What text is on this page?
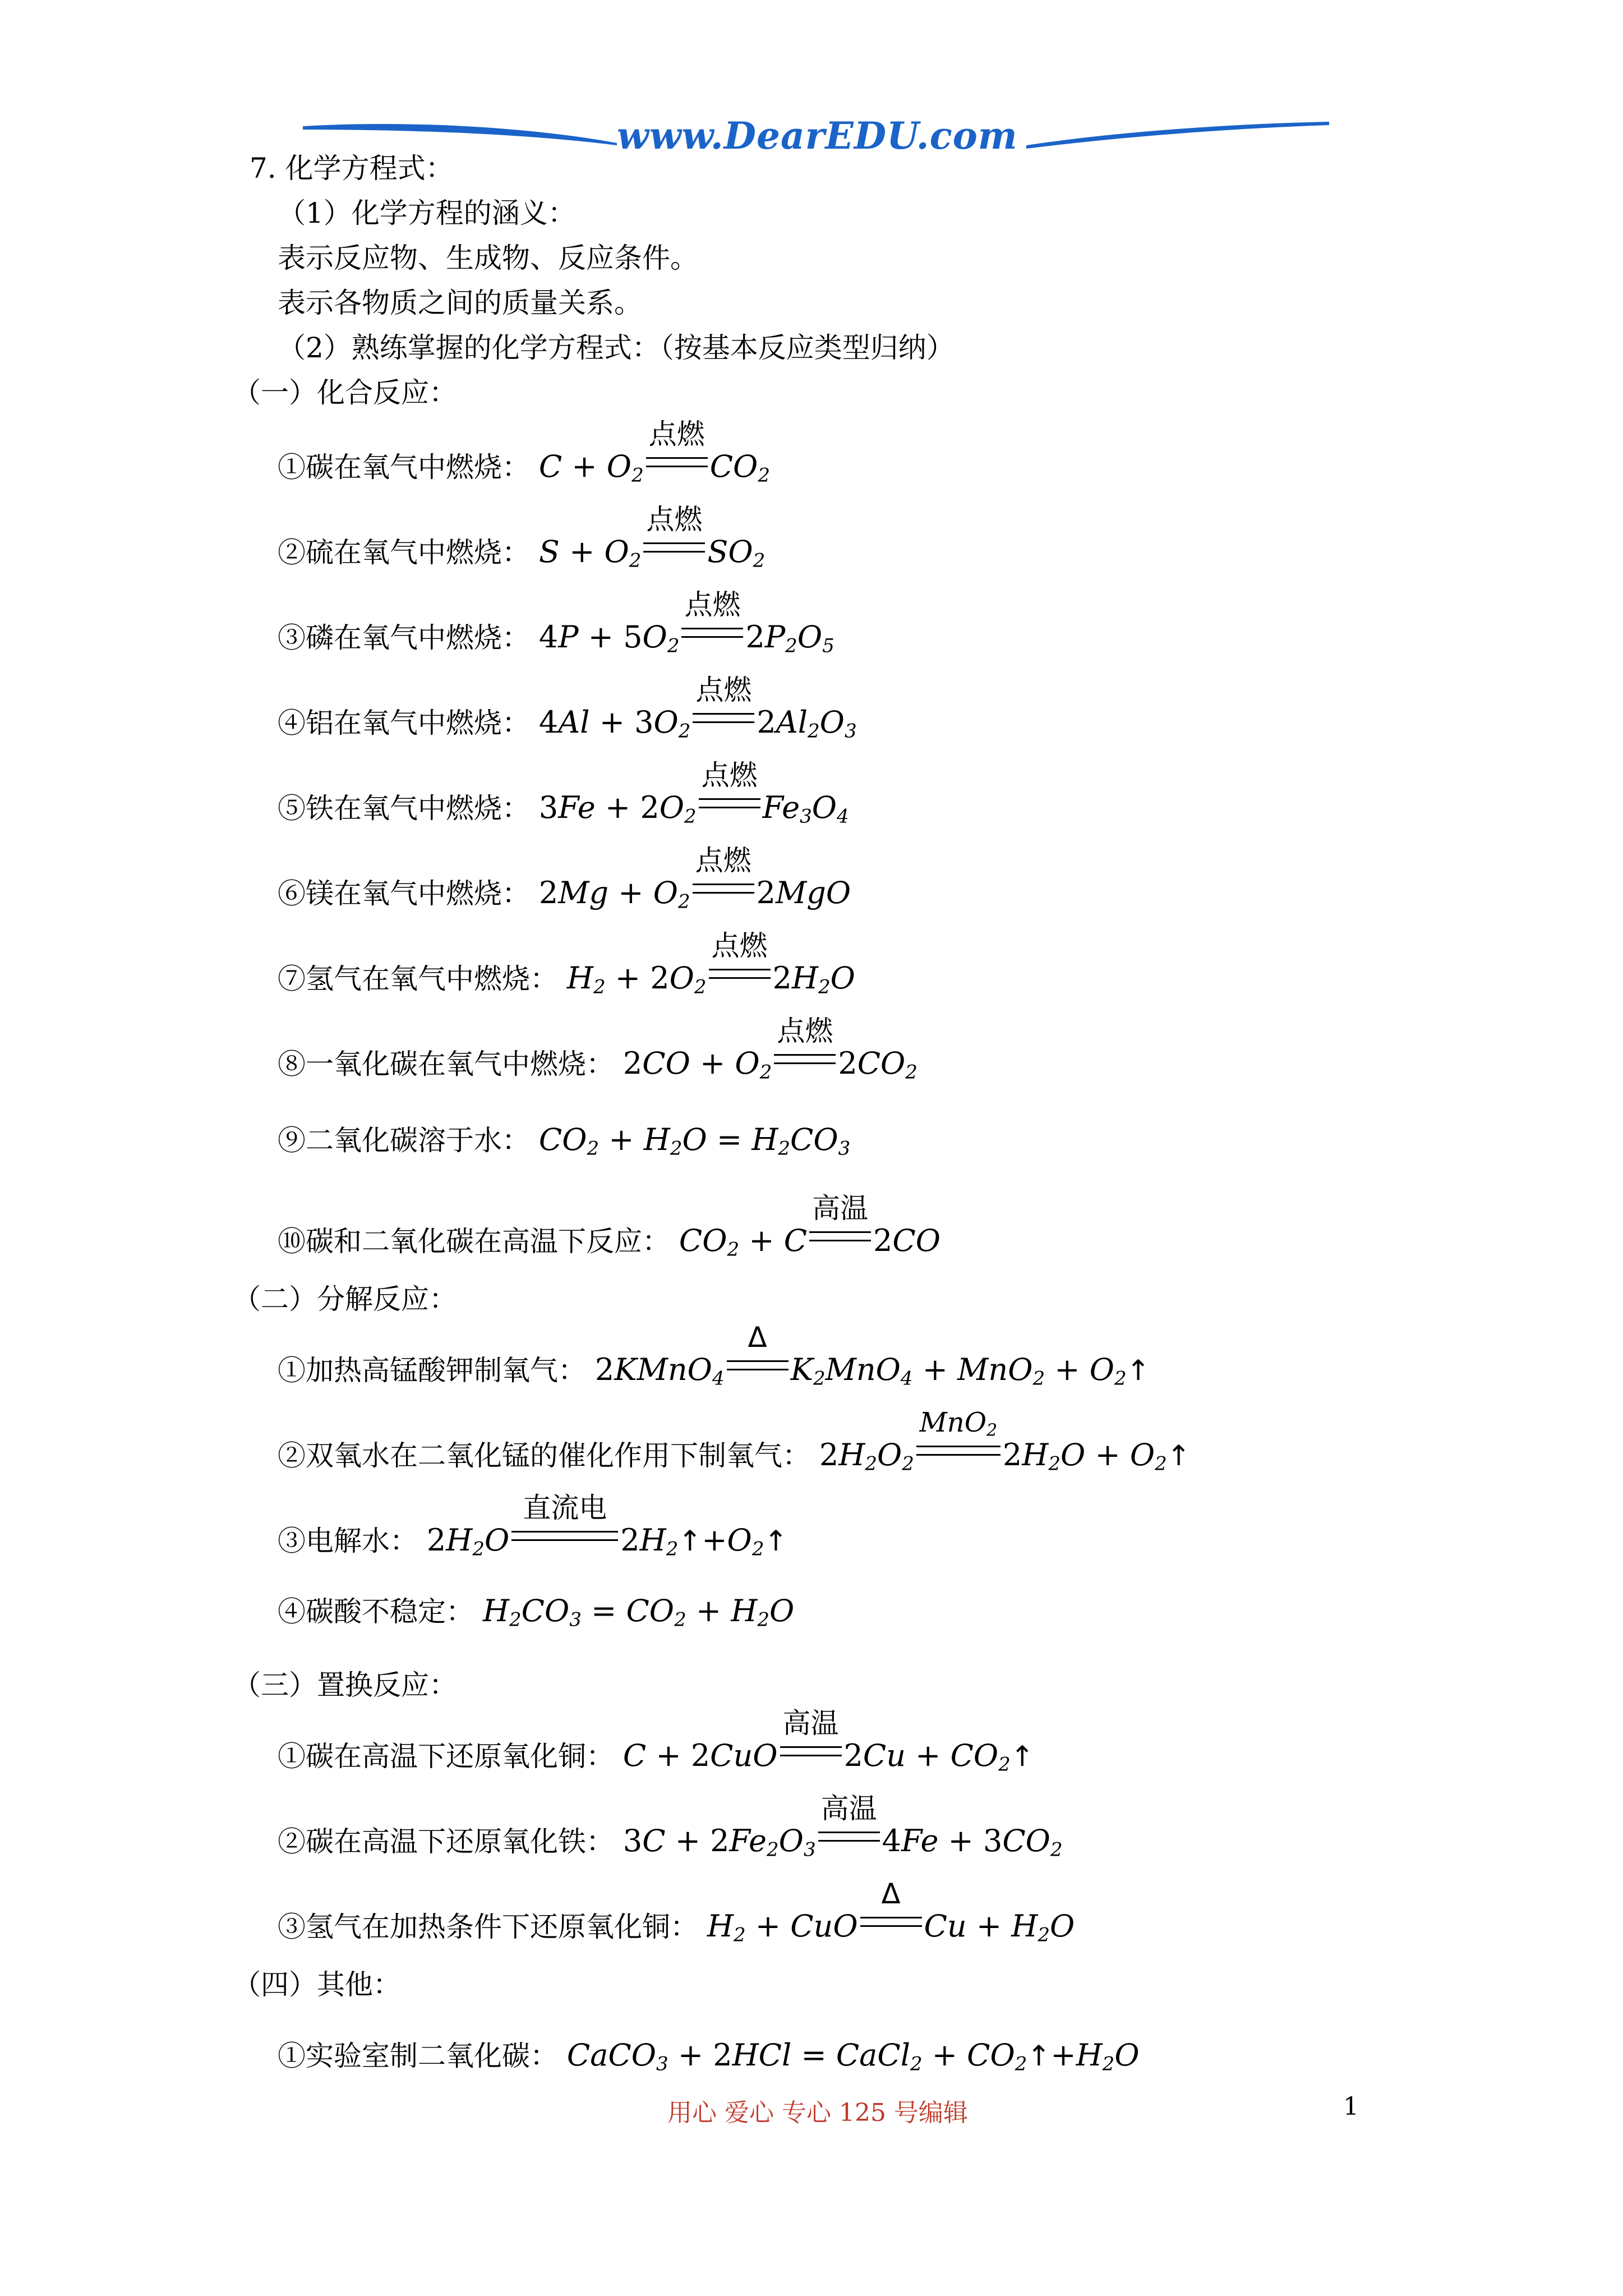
www.DearEDU.com
7. 化学方程式：
（1）化学方程的涵义：
表示反应物、生成物、反应条件。
表示各物质之间的质量关系。
（2）熟练掌握的化学方程式：（按基本反应类型归纳）
（一）化合反应：
①碳在氧气中燃烧： $C + O_2$
点燃
$CO_2$
②硫在氧气中燃烧： $S + O_2$
点燃
$SO_2$
③磷在氧气中燃烧： $4P + 5O_2$
点燃
$2P_2O_5$
④铝在氧气中燃烧： $4Al + 3O_2$
点燃
$2Al_2O_3$
⑤铁在氧气中燃烧： $3Fe + 2O_2$
点燃
$Fe_3O_4$
⑥镁在氧气中燃烧： $2Mg + O_2$
点燃
2MgO
⑦氢气在氧气中燃烧： $H_2 + 2O_2$
点燃
$2H_2O$
⑧一氧化碳在氧气中燃烧： $2CO + O_2$
点燃
$2CO_2$
⑨二氧化碳溶于水： $CO_2 + H_2O = H_2CO_3$
⑩碳和二氧化碳在高温下反应： $CO_2 + C$
高温
2CO
（二）分解反应：
①加热高锰酸钾制氧气： 2KMnO$_4$
Δ
$K_2MnO_4 + MnO_2$ + $O_2↑$
②双氧水在二氧化锰的催化作用下制氧气： $2H_2O_2$
MnO$_2$
$2H_2O$ + $O_2↑$
③电解水： $2H_2O$
直流电
$2H_2↑+O_2↑$
④碳酸不稳定： $H_2CO_3 = CO_2 + H_2O$
（三）置换反应：
①碳在高温下还原氧化铜： C + 2CuO
高温
$2Cu + CO_2↑$
②碳在高温下还原氧化铁： $3C + 2Fe_2O_3$
高温
$4Fe + 3CO_2$
③氢气在加热条件下还原氧化铜： $H_2$ + CuO
Δ
$Cu + H_2O$
（四）其他：
①实验室制二氧化碳： CaCO$_3$ + 2HCl = CaCl$_2$ + $CO_2↑+H_2O$
用心 爱心 专心 125 号编辑	1
